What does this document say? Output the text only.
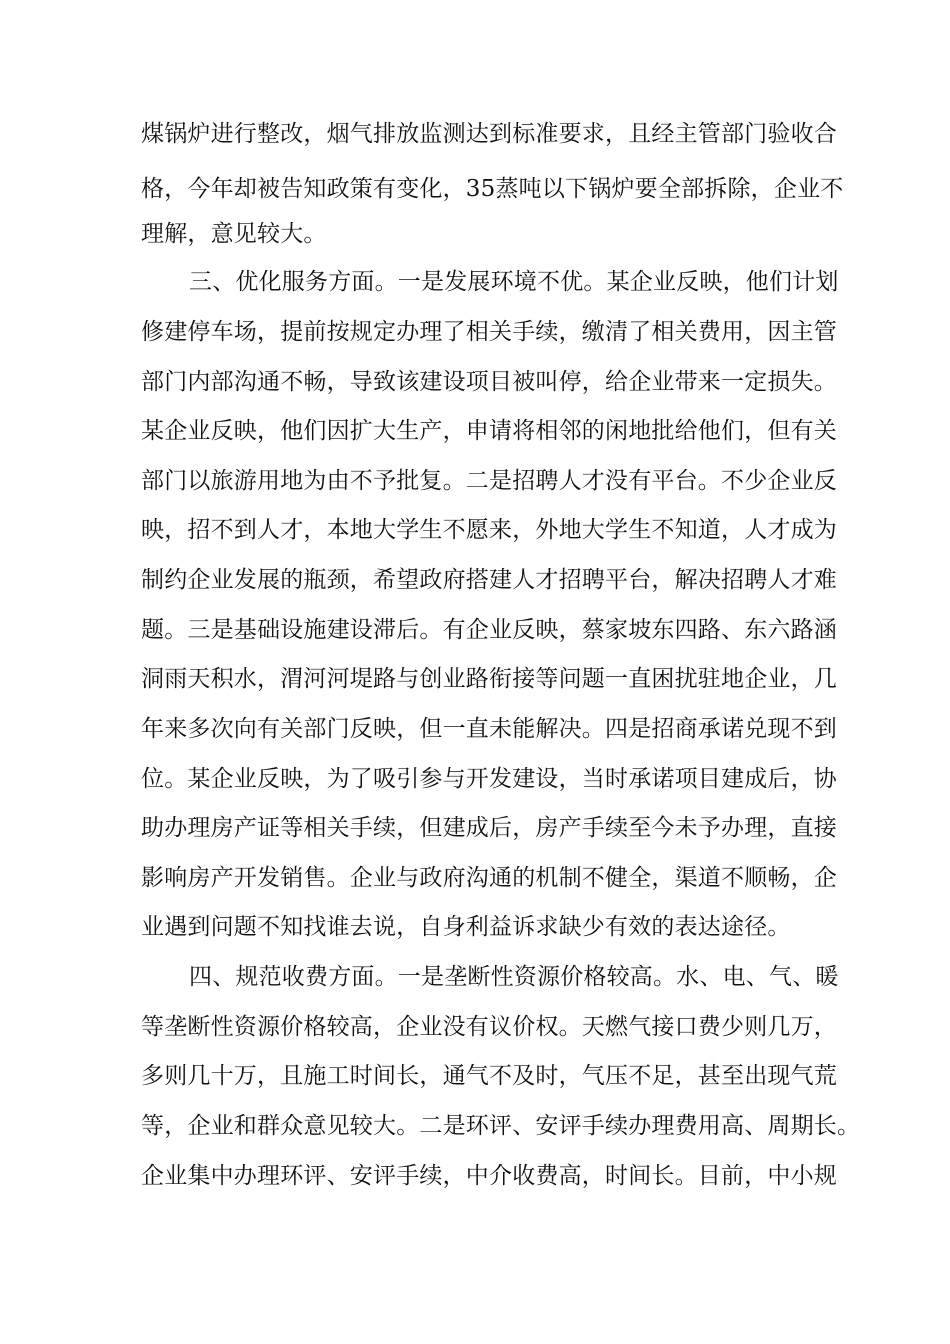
煤锅炉进行整改，烟气排放监测达到标准要求，且经主管部门验收合
格，今年却被告知政策有变化，35蒸吨以下锅炉要全部拆除，企业不
理解，意见较大。
三、优化服务方面。一是发展环境不优。某企业反映，他们计划
修建停车场，提前按规定办理了相关手续，缴清了相关费用，因主管
部门内部沟通不畅，导致该建设项目被叫停，给企业带来一定损失。
某企业反映，他们因扩大生产，申请将相邻的闲地批给他们，但有关
部门以旅游用地为由不予批复。二是招聘人才没有平台。不少企业反
映，招不到人才，本地大学生不愿来，外地大学生不知道，人才成为
制约企业发展的瓶颈，希望政府搭建人才招聘平台，解决招聘人才难
题。三是基础设施建设滞后。有企业反映，蔡家坡东四路、东六路涵
洞雨天积水，渭河河堤路与创业路衔接等问题一直困扰驻地企业，几
年来多次向有关部门反映，但一直未能解决。四是招商承诺兑现不到
位。某企业反映，为了吸引参与开发建设，当时承诺项目建成后，协
助办理房产证等相关手续，但建成后，房产手续至今未予办理，直接
影响房产开发销售。企业与政府沟通的机制不健全，渠道不顺畅，企
业遇到问题不知找谁去说，自身利益诉求缺少有效的表达途径。
四、规范收费方面。一是垄断性资源价格较高。水、电、气、暖
等垄断性资源价格较高，企业没有议价权。天燃气接口费少则几万，
多则几十万，且施工时间长，通气不及时，气压不足，甚至出现气荒
等，企业和群众意见较大。二是环评、安评手续办理费用高、周期长。
企业集中办理环评、安评手续，中介收费高，时间长。目前，中小规
